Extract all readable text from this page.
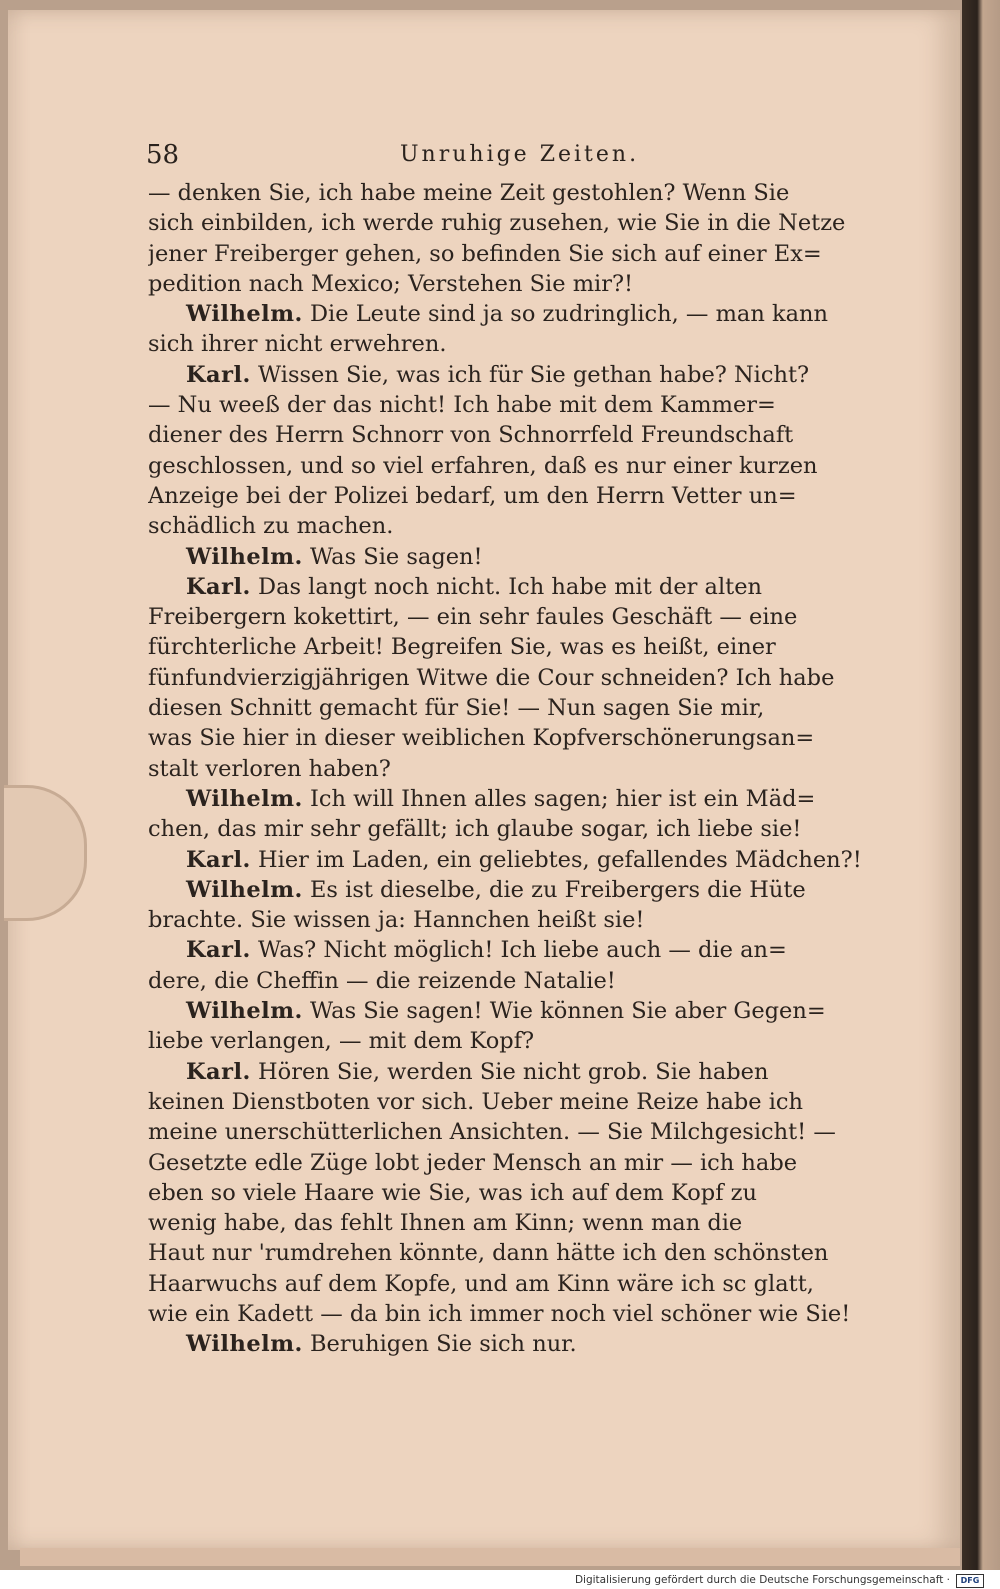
58	Unruhige Zeiten.
— denken Sie, ich habe meine Zeit gestohlen? Wenn Sie
sich einbilden, ich werde ruhig zusehen, wie Sie in die Netze
jener Freiberger gehen, so befinden Sie sich auf einer Ex=
pedition nach Mexico; Verstehen Sie mir?!
Wilhelm. Die Leute sind ja so zudringlich, — man kann
sich ihrer nicht erwehren.
Karl. Wissen Sie, was ich für Sie gethan habe? Nicht?
— Nu weeß der das nicht! Ich habe mit dem Kammer=
diener des Herrn Schnorr von Schnorrfeld Freundschaft
geschlossen, und so viel erfahren, daß es nur einer kurzen
Anzeige bei der Polizei bedarf, um den Herrn Vetter un=
schädlich zu machen.
Wilhelm. Was Sie sagen!
Karl. Das langt noch nicht. Ich habe mit der alten
Freibergern kokettirt, — ein sehr faules Geschäft — eine
fürchterliche Arbeit! Begreifen Sie, was es heißt, einer
fünfundvierzigjährigen Witwe die Cour schneiden? Ich habe
diesen Schnitt gemacht für Sie! — Nun sagen Sie mir,
was Sie hier in dieser weiblichen Kopfverschönerungsan=
stalt verloren haben?
Wilhelm. Ich will Ihnen alles sagen; hier ist ein Mäd=
chen, das mir sehr gefällt; ich glaube sogar, ich liebe sie!
Karl. Hier im Laden, ein geliebtes, gefallendes Mädchen?!
Wilhelm. Es ist dieselbe, die zu Freibergers die Hüte
brachte. Sie wissen ja: Hannchen heißt sie!
Karl. Was? Nicht möglich! Ich liebe auch — die an=
dere, die Cheffin — die reizende Natalie!
Wilhelm. Was Sie sagen! Wie können Sie aber Gegen=
liebe verlangen, — mit dem Kopf?
Karl. Hören Sie, werden Sie nicht grob. Sie haben
keinen Dienstboten vor sich. Ueber meine Reize habe ich
meine unerschütterlichen Ansichten. — Sie Milchgesicht! —
Gesetzte edle Züge lobt jeder Mensch an mir — ich habe
eben so viele Haare wie Sie, was ich auf dem Kopf zu
wenig habe, das fehlt Ihnen am Kinn; wenn man die
Haut nur 'rumdrehen könnte, dann hätte ich den schönsten
Haarwuchs auf dem Kopfe, und am Kinn wäre ich sc glatt,
wie ein Kadett — da bin ich immer noch viel schöner wie Sie!
Wilhelm. Beruhigen Sie sich nur.
Digitalisierung gefördert durch die Deutsche Forschungsgemeinschaft ·	DFG
